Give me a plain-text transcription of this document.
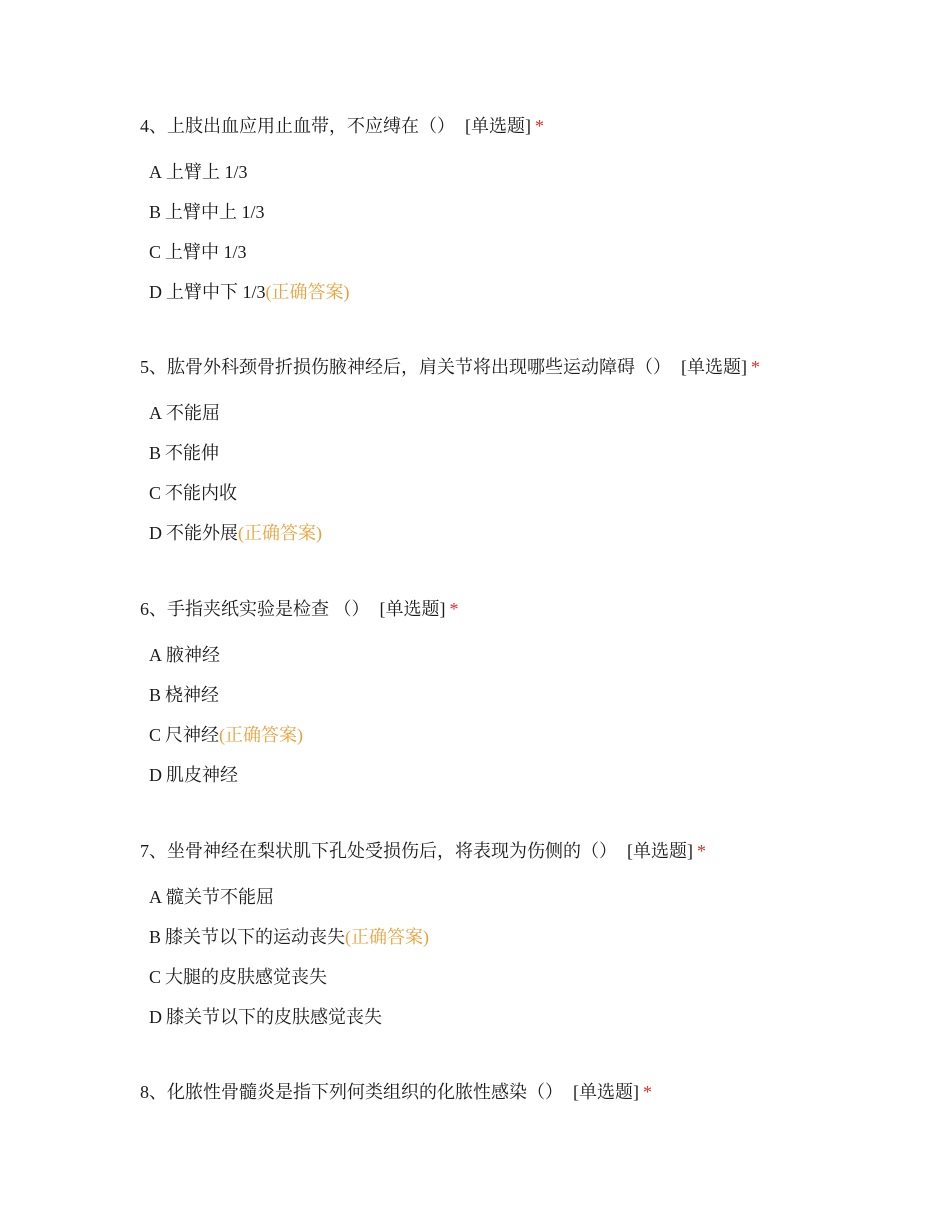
4、上肢出血应用止血带，不应缚在（） [单选题] *

A 上臂上 1/3
B 上臂中上 1/3
C 上臂中 1/3
D 上臂中下 1/3(正确答案)

5、肱骨外科颈骨折损伤腋神经后，肩关节将出现哪些运动障碍（） [单选题] *

A 不能屈
B 不能伸
C 不能内收
D 不能外展(正确答案)

6、手指夹纸实验是检查 （） [单选题] *

A 腋神经
B 桡神经
C 尺神经(正确答案)
D 肌皮神经

7、坐骨神经在梨状肌下孔处受损伤后，将表现为伤侧的（） [单选题] *

A 髋关节不能屈
B 膝关节以下的运动丧失(正确答案)
C 大腿的皮肤感觉丧失
D 膝关节以下的皮肤感觉丧失

8、化脓性骨髓炎是指下列何类组织的化脓性感染（） [单选题] *
